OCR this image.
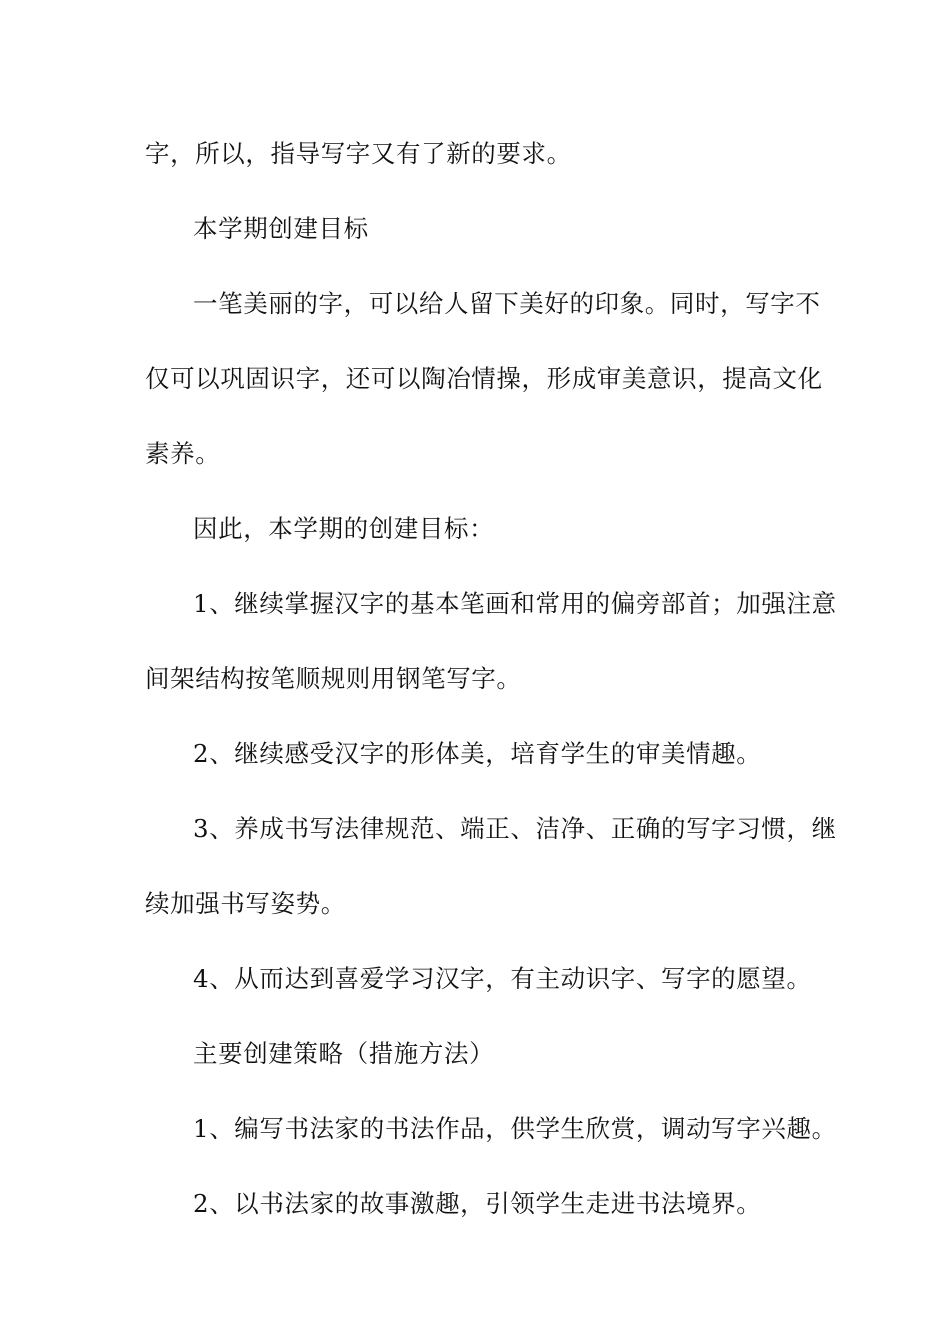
字，所以，指导写字又有了新的要求。
本学期创建目标
一笔美丽的字，可以给人留下美好的印象。同时，写字不
仅可以巩固识字，还可以陶冶情操，形成审美意识，提高文化
素养。
因此，本学期的创建目标：
1、继续掌握汉字的基本笔画和常用的偏旁部首；加强注意
间架结构按笔顺规则用钢笔写字。
2、继续感受汉字的形体美，培育学生的审美情趣。
3、养成书写法律规范、端正、洁净、正确的写字习惯，继
续加强书写姿势。
4、从而达到喜爱学习汉字，有主动识字、写字的愿望。
主要创建策略（措施方法）
1、编写书法家的书法作品，供学生欣赏，调动写字兴趣。
2、以书法家的故事激趣，引领学生走进书法境界。
